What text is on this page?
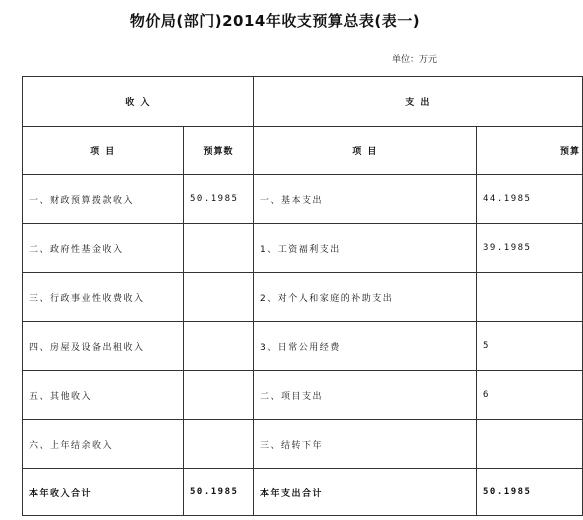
物价局(部门)2014年收支预算总表(表一)
单位：万元
收 入		支 出	
项 目	预算数	项 目	预算
一、财政预算拨款收入	50.1985	一、基本支出	44.1985
二、政府性基金收入		1、工资福利支出	39.1985
三、行政事业性收费收入		2、对个人和家庭的补助支出	
四、房屋及设备出租收入		3、日常公用经费	5
五、其他收入		二、项目支出	6
六、上年结余收入		三、结转下年	
本年收入合计	50.1985	本年支出合计	50.1985
